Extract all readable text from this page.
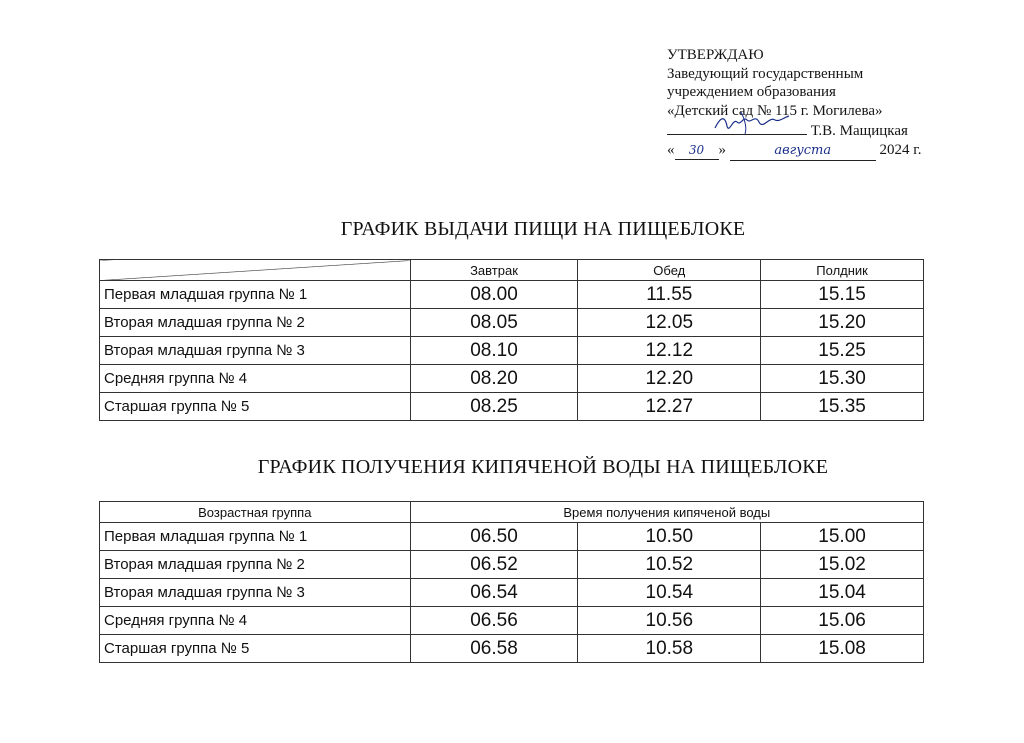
УТВЕРЖДАЮ
Заведующий государственным
учреждением образования
«Детский сад № 115 г. Могилева»

Т.В. Мащицкая
« 30 »	августа	2024 г.
ГРАФИК ВЫДАЧИ ПИЩИ НА ПИЩЕБЛОКЕ
	Завтрак	Обед	Полдник
Первая младшая группа № 1	08.00	11.55	15.15
Вторая младшая группа № 2	08.05	12.05	15.20
Вторая младшая группа № 3	08.10	12.12	15.25
Средняя группа № 4	08.20	12.20	15.30
Старшая группа № 5	08.25	12.27	15.35
ГРАФИК ПОЛУЧЕНИЯ КИПЯЧЕНОЙ ВОДЫ НА ПИЩЕБЛОКЕ
Возрастная группа	Время получения кипяченой воды		
Первая младшая группа № 1	06.50	10.50	15.00
Вторая младшая группа № 2	06.52	10.52	15.02
Вторая младшая группа № 3	06.54	10.54	15.04
Средняя группа № 4	06.56	10.56	15.06
Старшая группа № 5	06.58	10.58	15.08
